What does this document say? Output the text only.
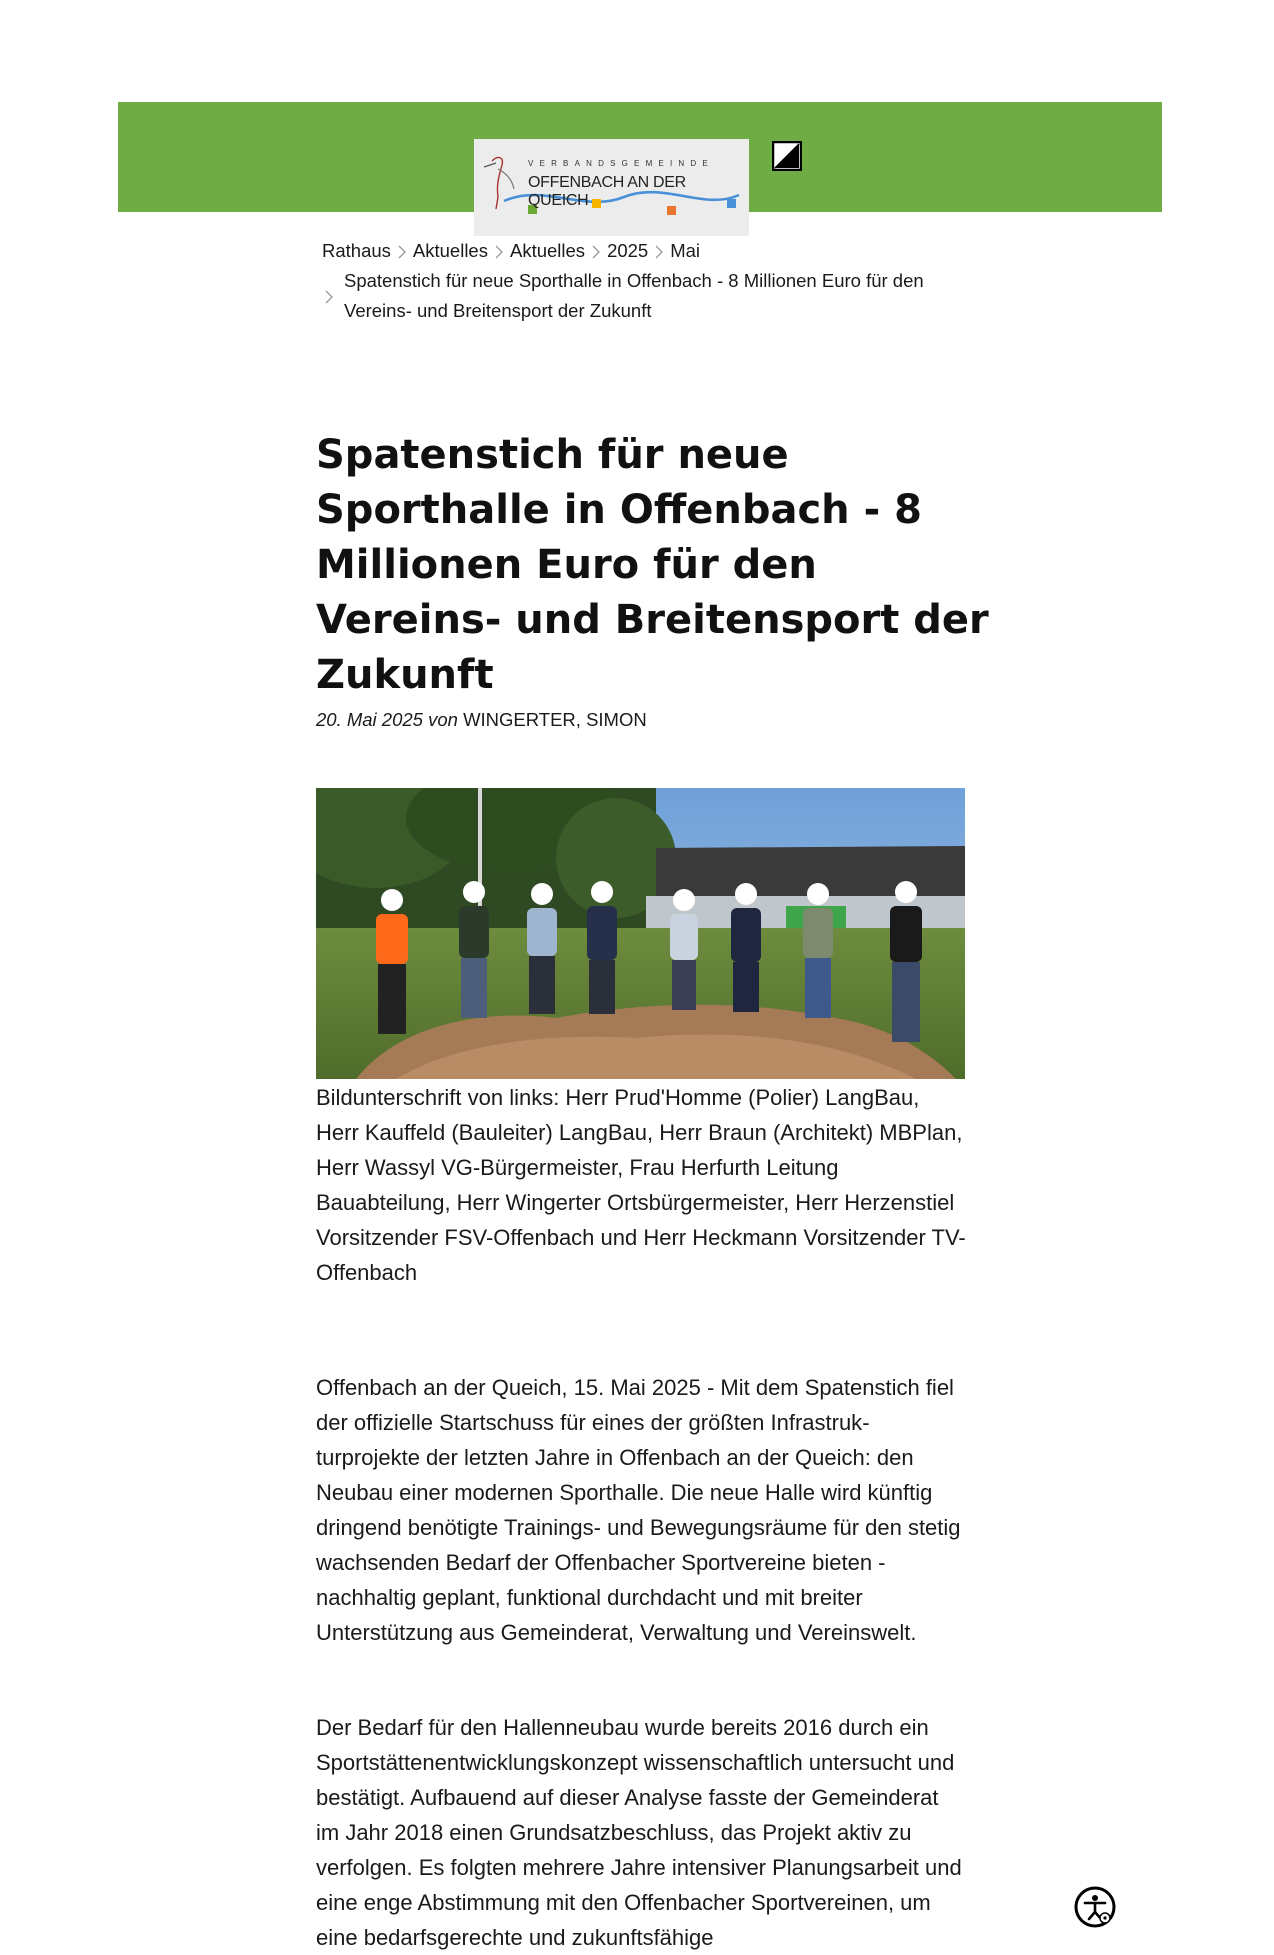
VERBANDSGEMEINDE
OFFENBACH AN DER QUEICH
Rathaus Aktuelles Aktuelles 2025 Mai
Spatenstich für neue Sporthalle in Offenbach - 8 Millionen Euro für den Vereins- und Breitensport der Zukunft
Spatenstich für neue Sporthalle in Offenbach - 8 Millionen Euro für den Vereins- und Breitensport der Zukunft
20. Mai 2025 von WINGERTER, SIMON

Bildunterschrift von links: Herr Prud'Homme (Polier) LangBau, Herr Kauffeld (Bauleiter) LangBau, Herr Braun (Architekt) MBPlan, Herr Wassyl VG-Bürgermeister, Frau Herfurth Leitung Bauabteilung, Herr Wingerter Ortsbürgermeister, Herr Herzenstiel Vorsitzender FSV-Offenbach und Herr Heckmann Vorsitzender TV-Offenbach

Offenbach an der Queich, 15. Mai 2025 - Mit dem Spatenstich fiel der offizielle Startschuss für eines der größten Infrastrukturprojekte der letzten Jahre in Offenbach an der Queich: den Neubau einer modernen Sporthalle. Die neue Halle wird künftig dringend benötigte Trainings- und Bewegungsräume für den stetig wachsenden Bedarf der Offenbacher Sportvereine bieten - nachhaltig geplant, funktional durchdacht und mit breiter Unterstützung aus Gemeinderat, Verwaltung und Vereinswelt.

Der Bedarf für den Hallenneubau wurde bereits 2016 durch ein Sportstättenentwicklungskonzept wissenschaftlich untersucht und bestätigt. Aufbauend auf dieser Analyse fasste der Gemeinderat im Jahr 2018 einen Grundsatzbeschluss, das Projekt aktiv zu verfolgen. Es folgten mehrere Jahre intensiver Planungsarbeit und eine enge Abstimmung mit den Offenbacher Sportvereinen, um eine bedarfsgerechte und zukunftsfähige
